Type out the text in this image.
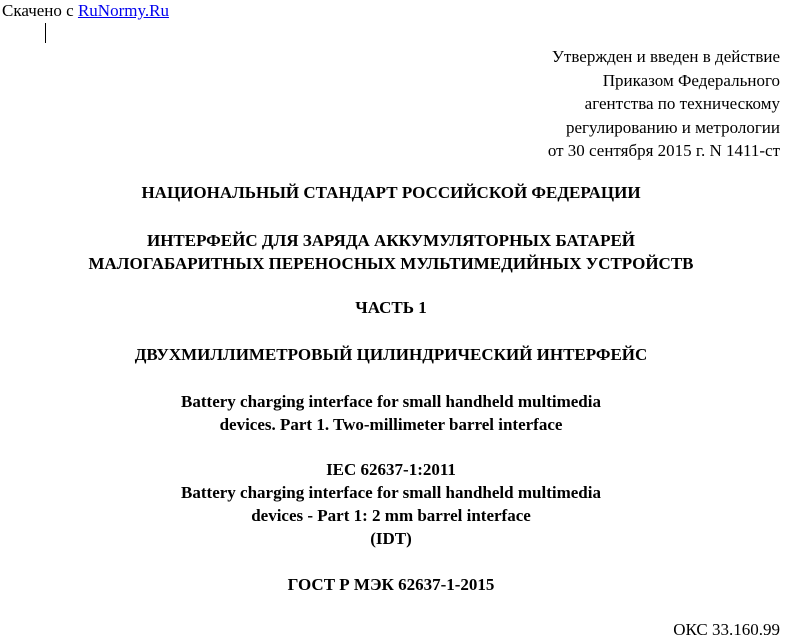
Скачено с RuNormy.Ru
Утвержден и введен в действие
Приказом Федерального
агентства по техническому
регулированию и метрологии
от 30 сентября 2015 г. N 1411-ст
НАЦИОНАЛЬНЫЙ СТАНДАРТ РОССИЙСКОЙ ФЕДЕРАЦИИ
ИНТЕРФЕЙС ДЛЯ ЗАРЯДА АККУМУЛЯТОРНЫХ БАТАРЕЙ
МАЛОГАБАРИТНЫХ ПЕРЕНОСНЫХ МУЛЬТИМЕДИЙНЫХ УСТРОЙСТВ
ЧАСТЬ 1
ДВУХМИЛЛИМЕТРОВЫЙ ЦИЛИНДРИЧЕСКИЙ ИНТЕРФЕЙС
Battery charging interface for small handheld multimedia
devices. Part 1. Two-millimeter barrel interface
IEC 62637-1:2011
Battery charging interface for small handheld multimedia
devices - Part 1: 2 mm barrel interface
(IDT)
ГОСТ Р МЭК 62637-1-2015
ОКС 33.160.99
